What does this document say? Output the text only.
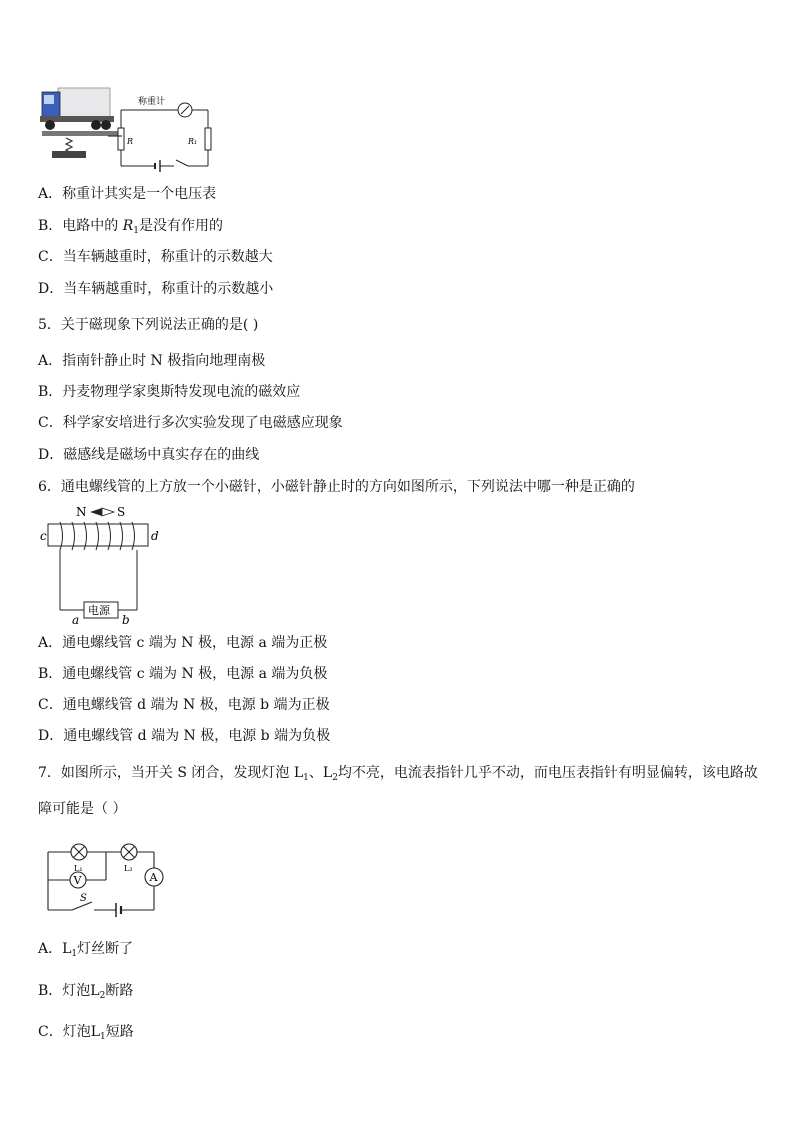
称重计
R	R₁
A．称重计其实是一个电压表
B．电路中的 $R_1$是没有作用的
C．当车辆越重时，称重计的示数越大
D．当车辆越重时，称重计的示数越小
5．关于磁现象下列说法正确的是( )
A．指南针静止时 N 极指向地理南极
B．丹麦物理学家奥斯特发现电流的磁效应
C．科学家安培进行多次实验发现了电磁感应现象
D．磁感线是磁场中真实存在的曲线
6．通电螺线管的上方放一个小磁针，小磁针静止时的方向如图所示，下列说法中哪一种是正确的
N	S
c	d
电源
a	b
A．通电螺线管 c 端为 N 极，电源 a 端为正极
B．通电螺线管 c 端为 N 极，电源 a 端为负极
C．通电螺线管 d 端为 N 极，电源 b 端为正极
D．通电螺线管 d 端为 N 极，电源 b 端为负极
7．如图所示，当开关 S 闭合，发现灯泡 $L_1$、$L_2$均不亮，电流表指针几乎不动，而电压表指针有明显偏转，该电路故
障可能是（ ）
V	A
L₁	L₂
S
A．$L_1$灯丝断了
B．灯泡$L_2$断路
C．灯泡$L_1$短路
